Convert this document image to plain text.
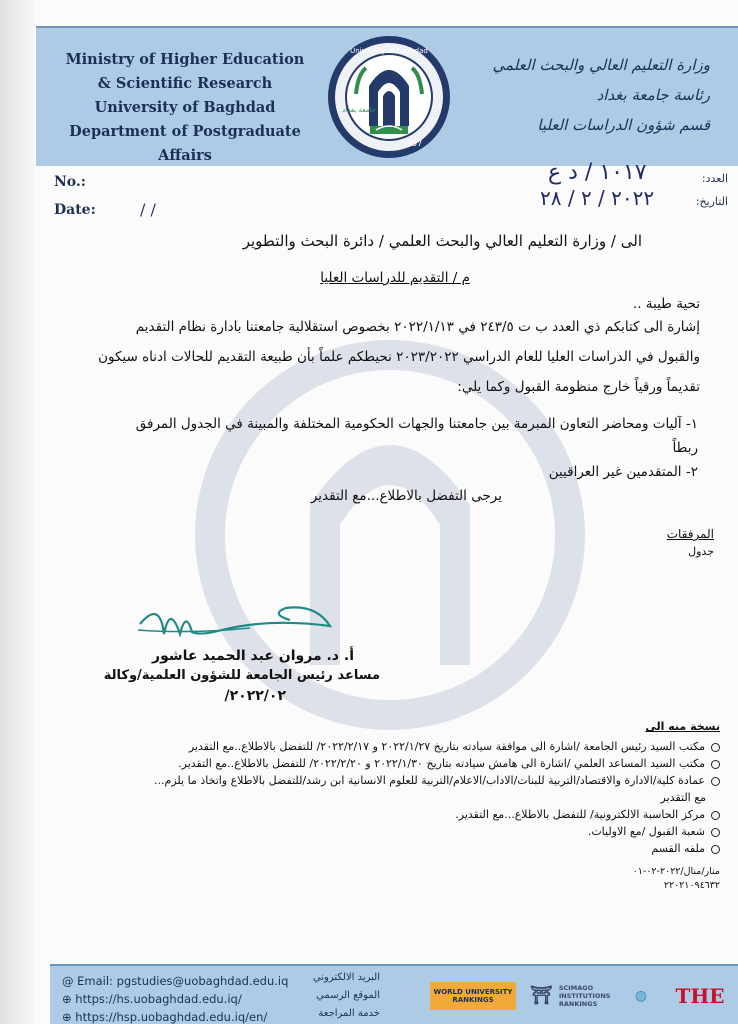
Ministry of Higher Education
& Scientific Research
University of Baghdad
Department of Postgraduate Affairs
University of Baghdad
1957
جامعة بغداد
وزارة التعليم العالي والبحث العلمي
رئاسة جامعة بغداد
قسم شؤون الدراسات العليا
No.:
Date:	/ /
العدد:
التاريخ:
١٠١٧ / د ع
٢٠٢٢ / ٢ / ٢٨
الى / وزارة التعليم العالي والبحث العلمي / دائرة البحث والتطوير
م / التقديم للدراسات العليا
تحية طيبة ..
إشارة الى كتابكم ذي العدد ب ت ٢٤٣/٥ في ٢٠٢٢/١/١٣ بخصوص استقلالية جامعتنا بادارة نظام التقديم
والقبول في الدراسات العليا للعام الدراسي ٢٠٢٣/٢٠٢٢ نحيطكم علماً بأن طبيعة التقديم للحالات ادناه سيكون
تقديماً ورقياً خارج منظومة القبول وكما يلي:
١- آليات ومحاضر التعاون المبرمة بين جامعتنا والجهات الحكومية المختلفة والمبينة في الجدول المرفق
ربطاً
٢- المتقدمين غير العراقيين
يرجى التفضل بالاطلاع...مع التقدير
المرفقات
جدول
أ. د. مروان عبد الحميد عاشور
مساعد رئيس الجامعة للشؤون العلمية/وكالة
٢٠٢٢/٠٢/
نسخة منه الى
مكتب السيد رئيس الجامعة /اشارة الى موافقة سيادته بتاريخ ٢٠٢٢/١/٢٧ و ٢٠٢٢/٢/١٧/ للتفضل بالاطلاع..مع التقدير
مكتب السيد المساعد العلمي /اشارة الى هامش سيادته بتاريخ ٢٠٢٢/١/٣٠ و ٢٠٢٢/٢/٢٠/ للتفضل بالاطلاع..مع التقدير.
عمادة كلية/الادارة والاقتصاد/التربية للبنات/الاداب/الاعلام/التربية للعلوم الانسانية ابن رشد/للتفضل بالاطلاع واتخاذ ما يلزم...
مع التقدير
مركز الحاسبة الالكترونية/ للتفضل بالاطلاع...مع التقدير.
شعبة القبول /مع الاوليات.
ملفه القسم
منار/منال/٢٠٢٢-٠٢-٠١
٢٢٠٢١٠٩٤٦٣٢
@ Email: pgstudies@uobaghdad.edu.iq
⊕ https://hs.uobaghdad.edu.iq/
⊕ https://hsp.uobaghdad.edu.iq/en/
البريد الالكتروني
الموقع الرسمي
خدمة المراجعة
WORLD UNIVERSITY RANKINGS	⛩ SCIMAGO INSTITUTIONS RANKINGS	◍	THE
